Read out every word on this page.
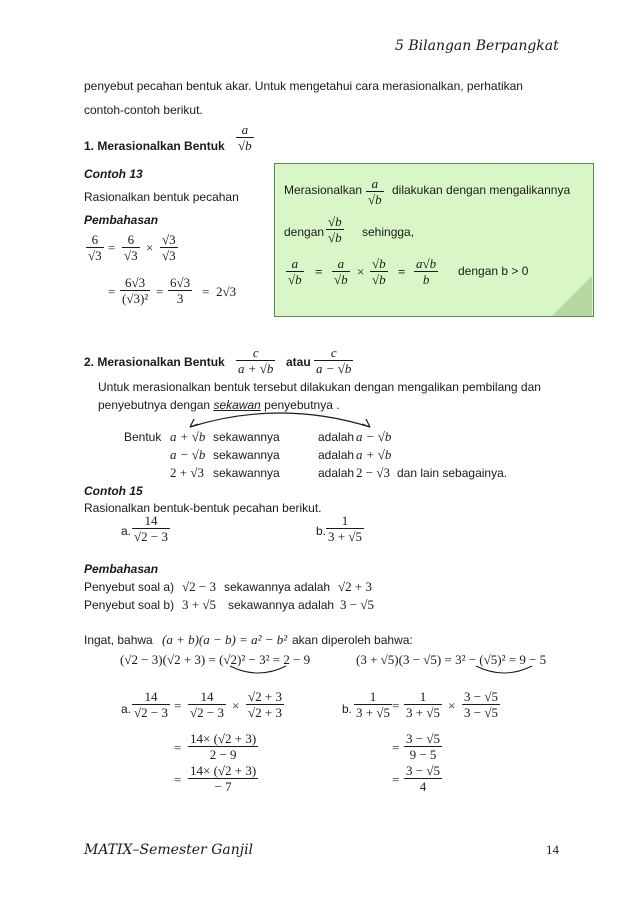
5 Bilangan Berpangkat
penyebut pecahan bentuk akar. Untuk mengetahui cara merasionalkan, perhatikan
contoh-contoh berikut.
1. Merasionalkan Bentuk
a
√b
Contoh 13
Rasionalkan bentuk pecahan
Pembahasan
6
√3
=
6
√3
×
√3
√3
=
6√3
(√3)² =
6√3
3 = 2√3
Merasionalkan a
√b
dilakukan dengan mengalikannya
dengan
√b
√b sehingga,
a
√b
=
a
√b
×
√b
√b
=
a√b
b
dengan b > 0
2. Merasionalkan Bentuk
c
a + √b atau
c
a − √b
Untuk merasionalkan bentuk tersebut dilakukan dengan mengalikan pembilang dan
penyebutnya dengan sekawan penyebutnya .
Bentuk a + √b sekawannya	adalah a − √b
a − √b sekawannya	adalah a + √b
2 + √3 sekawannya	adalah 2 − √3 dan lain sebagainya.
Contoh 15
Rasionalkan bentuk-bentuk pecahan berikut.
a.
14
√2 − 3	b.
1
3 + √5
Pembahasan
Penyebut soal a) √2 − 3 sekawannya adalah √2 + 3
Penyebut soal b) 3 + √5 sekawannya adalah 3 − √5
Ingat, bahwa (a + b)(a − b) = a² − b² akan diperoleh bahwa:
(√2 − 3)(√2 + 3) = (√2)² − 3² = 2 − 9	(3 + √5)(3 − √5) = 3² − (√5)² = 9 − 5
a.
14
√2 − 3 =
14
√2 − 3 ×
√2 + 3
√2 + 3
=
14× (√2 + 3)
2 − 9
=
14× (√2 + 3)
− 7
b.
1
3 + √5 =
1
3 + √5 ×
3 − √5
3 − √5
=
3 − √5
9 − 5
=
3 − √5
4
MATIX–Semester Ganjil	14
